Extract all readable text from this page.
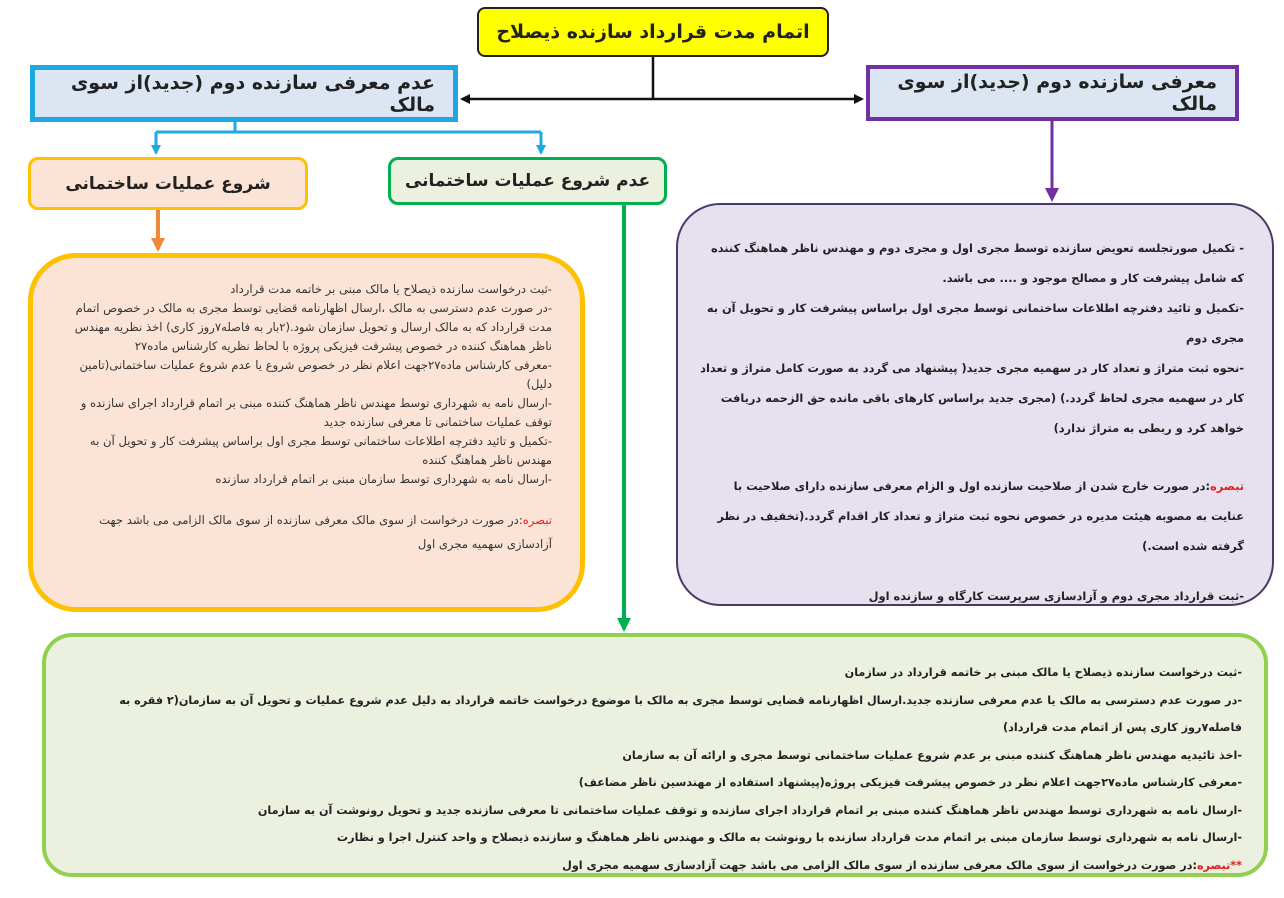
اتمام مدت قرارداد سازنده ذیصلاح
عدم معرفی سازنده دوم (جدید)از سوی مالک
معرفی سازنده دوم (جدید)از سوی مالک
شروع عملیات ساختمانی	عدم شروع عملیات ساختمانی

-ثبت درخواست سازنده ذیصلاح یا مالک مبنی بر خاتمه مدت قرارداد

-در صورت عدم دسترسی به مالک ،ارسال اظهارنامه قضایی توسط مجری به مالک در خصوص اتمام مدت قرارداد که به مالک ارسال و تحویل سازمان شود.(۲بار به فاصله۷روز کاری) اخذ نظریه مهندس ناظر هماهنگ کننده در خصوص پیشرفت فیزیکی پروژه با لحاظ نظریه کارشناس ماده۲۷

-معرفی کارشناس ماده۲۷جهت اعلام نظر در خصوص شروع یا عدم شروع عملیات ساختمانی(تامین دلیل)

-ارسال نامه به شهرداری توسط مهندس ناظر هماهنگ کننده مبنی بر اتمام قرارداد اجرای سازنده و توقف عملیات ساختمانی تا معرفی سازنده جدید

-تکمیل و تائید دفترچه اطلاعات ساختمانی توسط مجری اول براساس پیشرفت کار و تحویل آن به مهندس ناظر هماهنگ کننده

-ارسال نامه به شهرداری توسط سازمان مبنی بر اتمام قرارداد سازنده

تبصره:در صورت درخواست از سوی مالک معرفی سازنده از سوی مالک الزامی می باشد جهت آزادسازی سهمیه مجری اول

- تکمیل صورتجلسه تعویض سازنده توسط مجری اول و مجری دوم و مهندس ناظر هماهنگ کننده که شامل پیشرفت کار و مصالح موجود و .... می باشد.

-تکمیل و تائید دفترچه اطلاعات ساختمانی توسط مجری اول براساس پیشرفت کار و تحویل آن به مجری دوم

-نحوه ثبت متراژ و تعداد کار در سهمیه مجری جدید( پیشنهاد می گردد به صورت کامل متراژ و تعداد کار در سهمیه مجری لحاظ گردد.) (مجری جدید براساس کارهای باقی مانده حق الزحمه دریافت خواهد کرد و ربطی به متراژ ندارد)

تبصره:در صورت خارج شدن از صلاحیت سازنده اول و الزام معرفی سازنده دارای صلاحیت با عنایت به مصوبه هیئت مدیره در خصوص نحوه ثبت متراژ و تعداد کار اقدام گردد.(تخفیف در نظر گرفته شده است.)

-ثبت قرارداد مجری دوم و آزادسازی سرپرست کارگاه و سازنده اول

-ثبت درخواست سازنده ذیصلاح یا مالک مبنی بر خاتمه قرارداد در سازمان

-در صورت عدم دسترسی به مالک یا عدم معرفی سازنده جدید.ارسال اظهارنامه قضایی توسط مجری به مالک با موضوع درخواست خاتمه قرارداد به دلیل عدم شروع عملیات و تحویل آن به سازمان(۲ فقره به فاصله۷روز کاری پس از اتمام مدت قرارداد)

-اخذ تائیدیه مهندس ناظر هماهنگ کننده مبنی بر عدم شروع عملیات ساختمانی توسط مجری و ارائه آن به سازمان

-معرفی کارشناس ماده۲۷جهت اعلام نظر در خصوص پیشرفت فیزیکی پروژه(پیشنهاد استفاده از مهندسین ناظر مضاعف)

-ارسال نامه به شهرداری توسط مهندس ناظر هماهنگ کننده مبنی بر اتمام قرارداد اجرای سازنده و توقف عملیات ساختمانی تا معرفی سازنده جدید و تحویل رونوشت آن به سازمان

-ارسال نامه به شهرداری توسط سازمان مبنی بر اتمام مدت قرارداد سازنده با رونوشت به مالک و مهندس ناظر هماهنگ و سازنده ذیصلاح و واحد کنترل اجرا و نظارت

**تبصره:در صورت درخواست از سوی مالک معرفی سازنده از سوی مالک الزامی می باشد جهت آزادسازی سهمیه مجری اول
